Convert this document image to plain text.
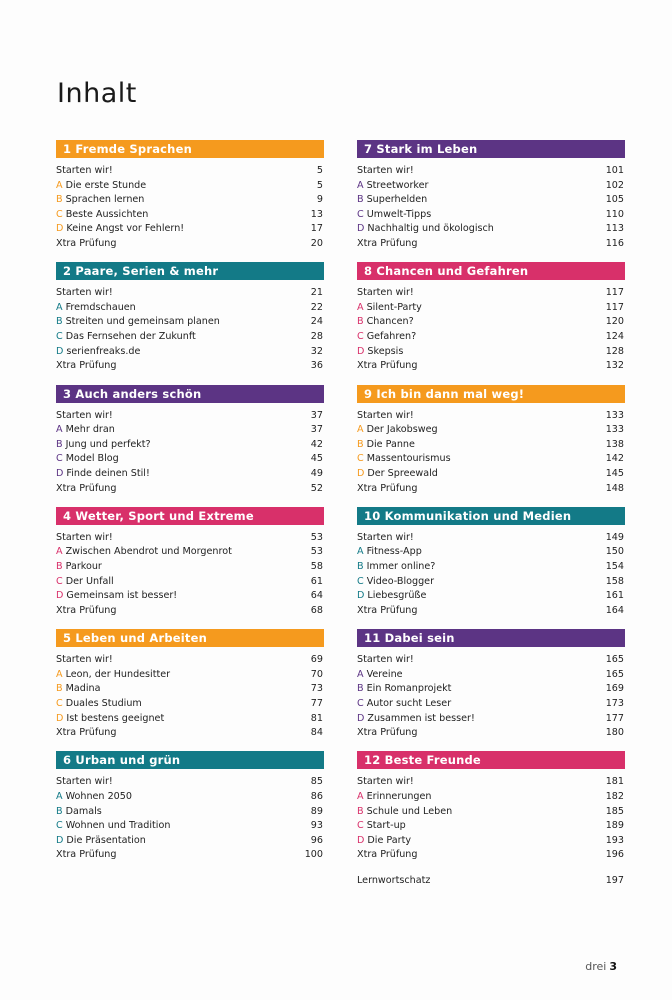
Inhalt
1 Fremde Sprachen
Starten wir!	5
A Die erste Stunde	5
B Sprachen lernen	9
C Beste Aussichten	13
D Keine Angst vor Fehlern!	17
Xtra Prüfung	20
2 Paare, Serien & mehr
Starten wir!	21
A Fremdschauen	22
B Streiten und gemeinsam planen	24
C Das Fernsehen der Zukunft	28
D serienfreaks.de	32
Xtra Prüfung	36
3 Auch anders schön
Starten wir!	37
A Mehr dran	37
B Jung und perfekt?	42
C Model Blog	45
D Finde deinen Stil!	49
Xtra Prüfung	52
4 Wetter, Sport und Extreme
Starten wir!	53
A Zwischen Abendrot und Morgenrot	53
B Parkour	58
C Der Unfall	61
D Gemeinsam ist besser!	64
Xtra Prüfung	68
5 Leben und Arbeiten
Starten wir!	69
A Leon, der Hundesitter	70
B Madina	73
C Duales Studium	77
D Ist bestens geeignet	81
Xtra Prüfung	84
6 Urban und grün
Starten wir!	85
A Wohnen 2050	86
B Damals	89
C Wohnen und Tradition	93
D Die Präsentation	96
Xtra Prüfung	100
7 Stark im Leben
Starten wir!	101
A Streetworker	102
B Superhelden	105
C Umwelt-Tipps	110
D Nachhaltig und ökologisch	113
Xtra Prüfung	116
8 Chancen und Gefahren
Starten wir!	117
A Silent-Party	117
B Chancen?	120
C Gefahren?	124
D Skepsis	128
Xtra Prüfung	132
9 Ich bin dann mal weg!
Starten wir!	133
A Der Jakobsweg	133
B Die Panne	138
C Massentourismus	142
D Der Spreewald	145
Xtra Prüfung	148
10 Kommunikation und Medien
Starten wir!	149
A Fitness-App	150
B Immer online?	154
C Video-Blogger	158
D Liebesgrüße	161
Xtra Prüfung	164
11 Dabei sein
Starten wir!	165
A Vereine	165
B Ein Romanprojekt	169
C Autor sucht Leser	173
D Zusammen ist besser!	177
Xtra Prüfung	180
12 Beste Freunde
Starten wir!	181
A Erinnerungen	182
B Schule und Leben	185
C Start-up	189
D Die Party	193
Xtra Prüfung	196
Lernwortschatz	197
drei 3
